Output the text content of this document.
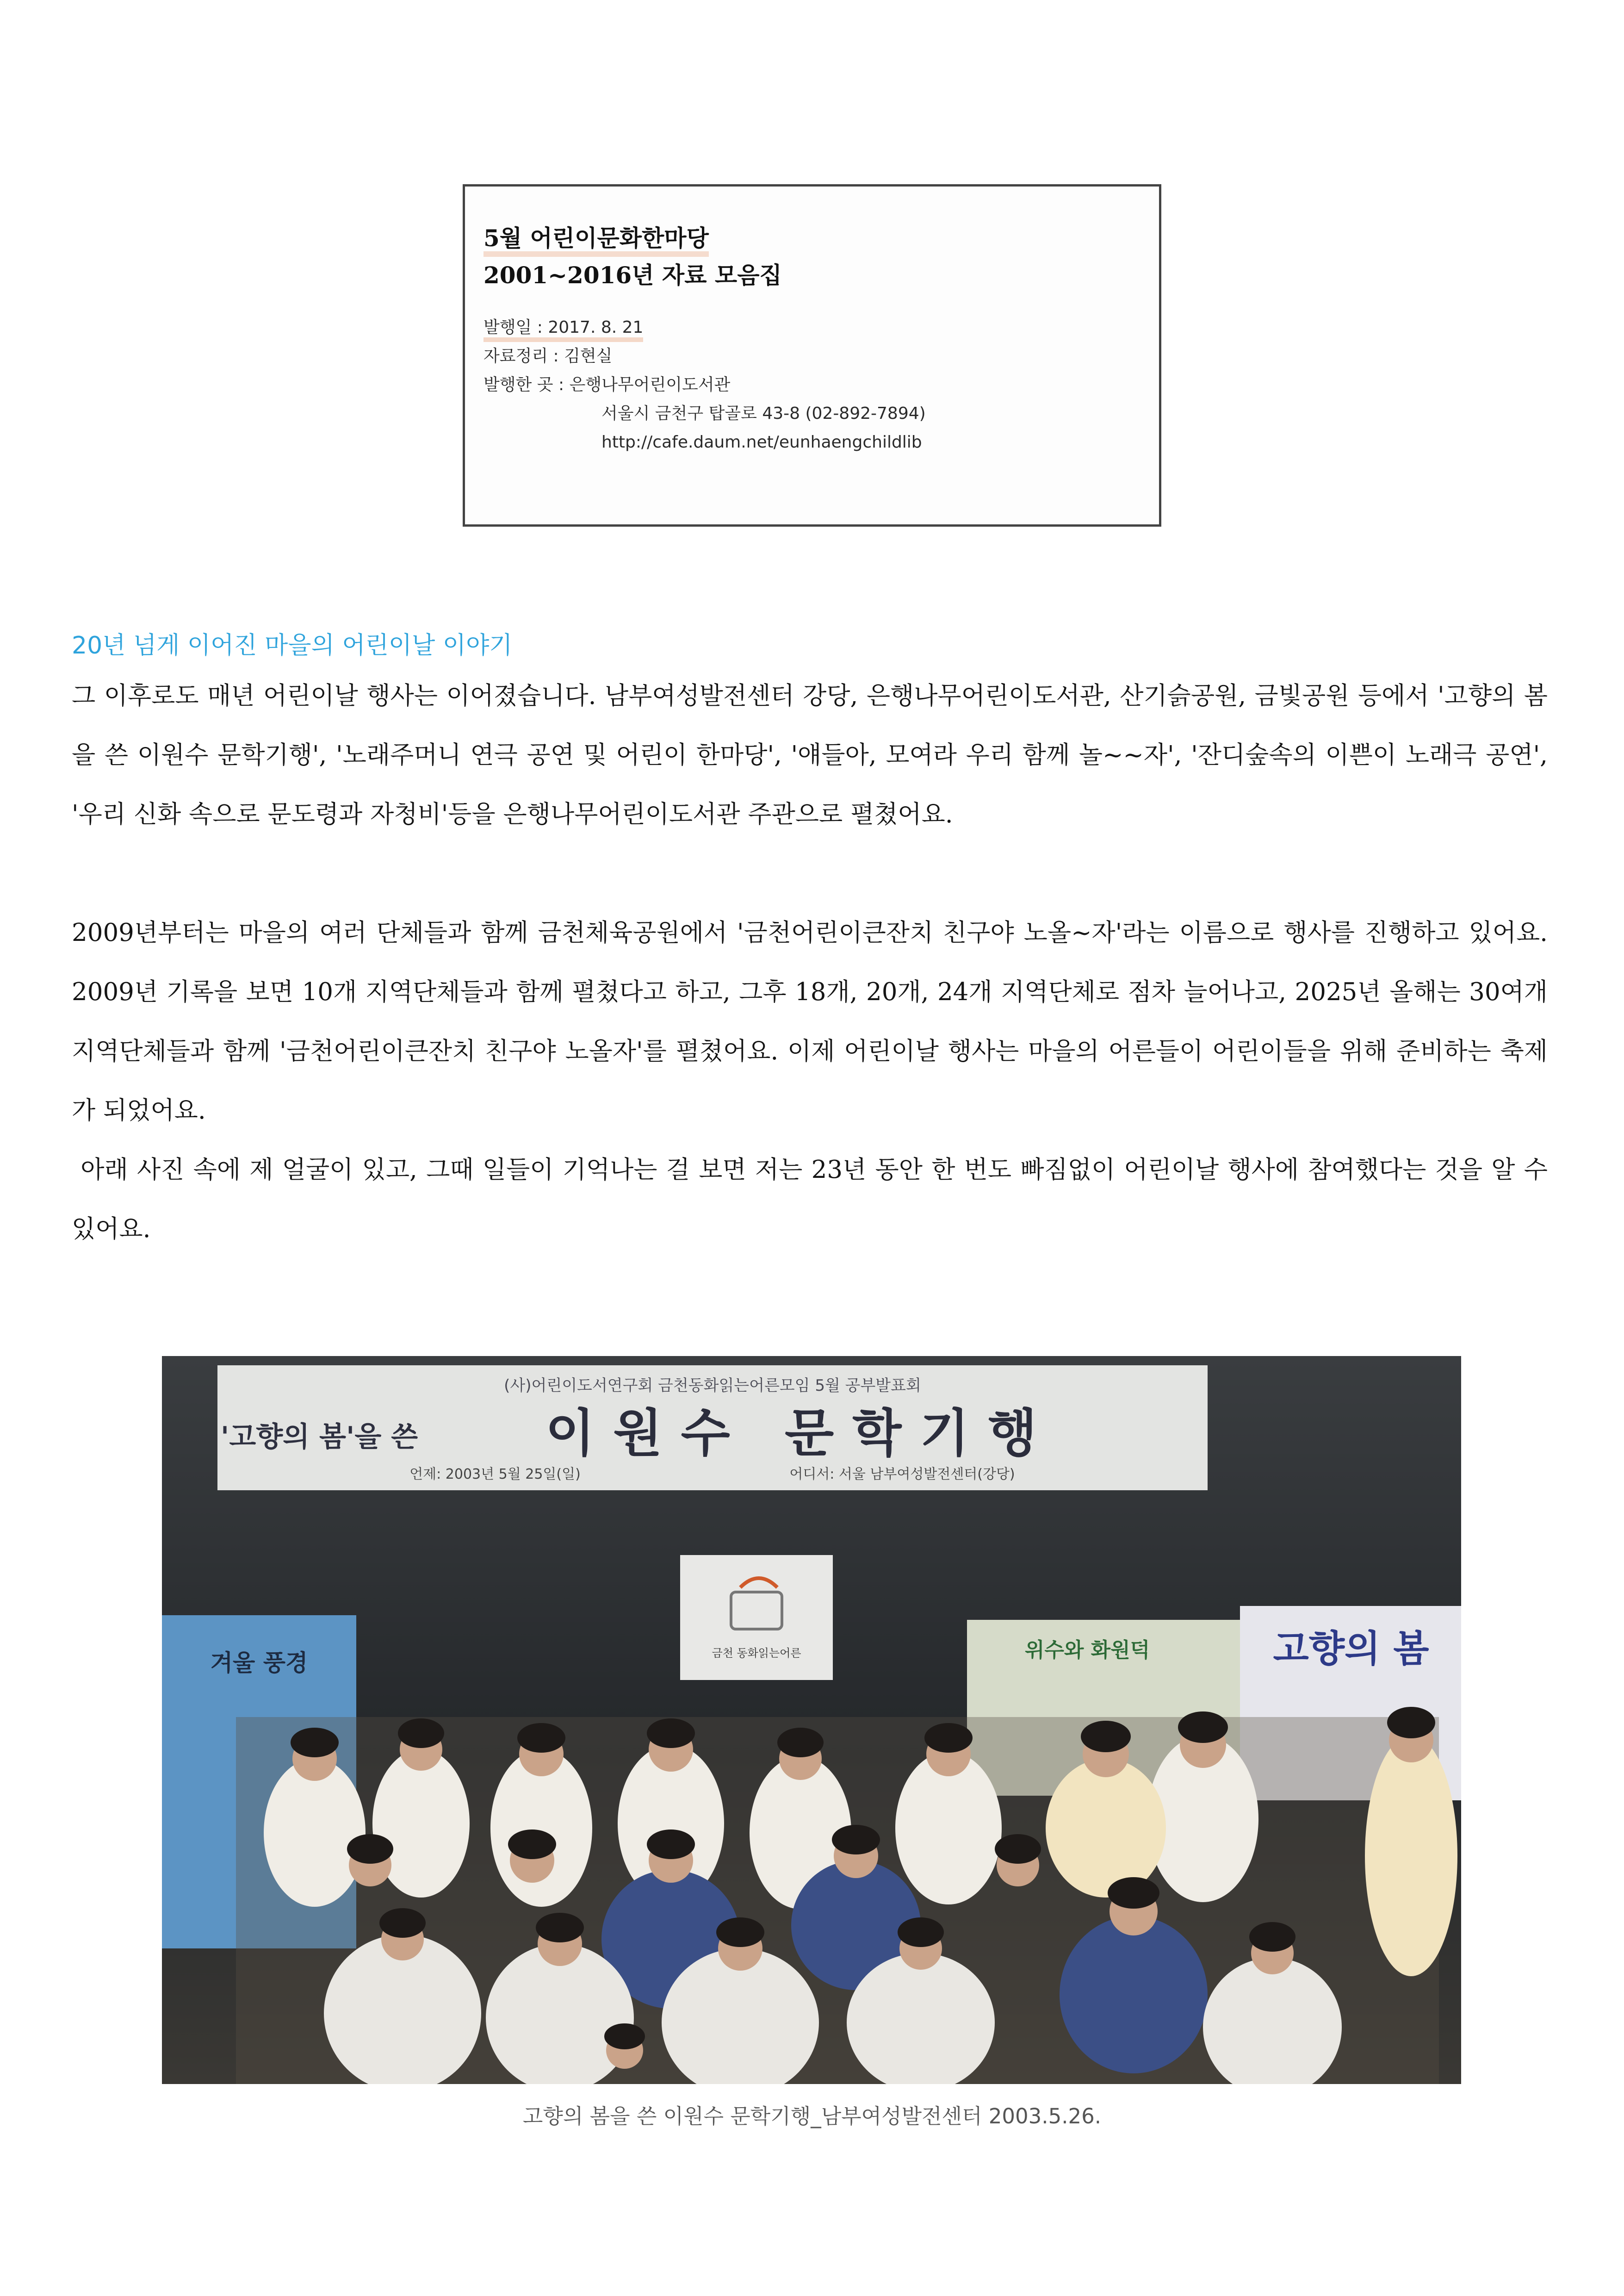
5월 어린이문화한마당

2001~2016년 자료 모음집
발행일 : 2017. 8. 21
자료정리 : 김현실
발행한 곳 : 은행나무어린이도서관
서울시 금천구 탑골로 43-8 (02-892-7894)
http://cafe.daum.net/eunhaengchildlib
20년 넘게 이어진 마을의 어린이날 이야기

그 이후로도 매년 어린이날 행사는 이어졌습니다. 남부여성발전센터 강당, 은행나무어린이도서관, 산기슭공원, 금빛공원 등에서 '고향의 봄을 쓴 이원수 문학기행', '노래주머니 연극 공연 및 어린이 한마당', '얘들아, 모여라 우리 함께 놀~~자', '잔디숲속의 이쁜이 노래극 공연', '우리 신화 속으로 문도령과 자청비'등을 은행나무어린이도서관 주관으로 펼쳤어요.

2009년부터는 마을의 여러 단체들과 함께 금천체육공원에서 '금천어린이큰잔치 친구야 노올~자'라는 이름으로 행사를 진행하고 있어요. 2009년 기록을 보면 10개 지역단체들과 함께 펼쳤다고 하고, 그후 18개, 20개, 24개 지역단체로 점차 늘어나고, 2025년 올해는 30여개 지역단체들과 함께 '금천어린이큰잔치 친구야 노올자'를 펼쳤어요. 이제 어린이날 행사는 마을의 어른들이 어린이들을 위해 준비하는 축제가 되었어요.

아래 사진 속에 제 얼굴이 있고, 그때 일들이 기억나는 걸 보면 저는 23년 동안 한 번도 빠짐없이 어린이날 행사에 참여했다는 것을 알 수 있어요.

(사)어린이도서연구회 금천동화읽는어른모임 5월 공부발표회
'고향의 봄'을 쓴	이원수 문학기행
언제: 2003년 5월 25일(일)	어디서: 서울 남부여성발전센터(강당)
금천 동화읽는어른
겨울 풍경	위수와 화원덕	고향의 봄

고향의 봄을 쓴 이원수 문학기행_남부여성발전센터 2003.5.26.
